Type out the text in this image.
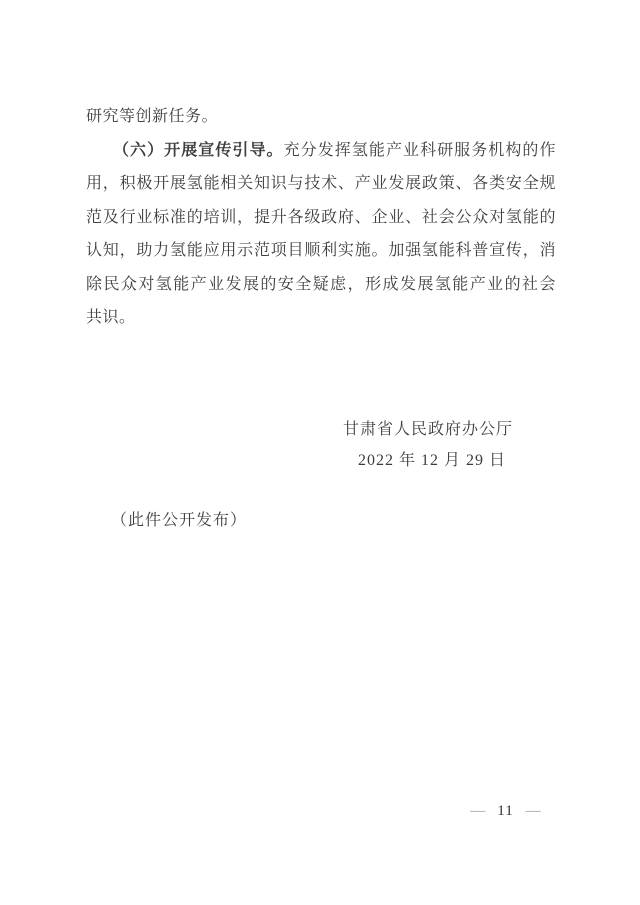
研究等创新任务。
（六）开展宣传引导。充分发挥氢能产业科研服务机构的作
用，积极开展氢能相关知识与技术、产业发展政策、各类安全规
范及行业标准的培训，提升各级政府、企业、社会公众对氢能的
认知，助力氢能应用示范项目顺利实施。加强氢能科普宣传，消
除民众对氢能产业发展的安全疑虑，形成发展氢能产业的社会
共识。
甘肃省人民政府办公厅
2022 年 12 月 29 日
（此件公开发布）
— 11 —
